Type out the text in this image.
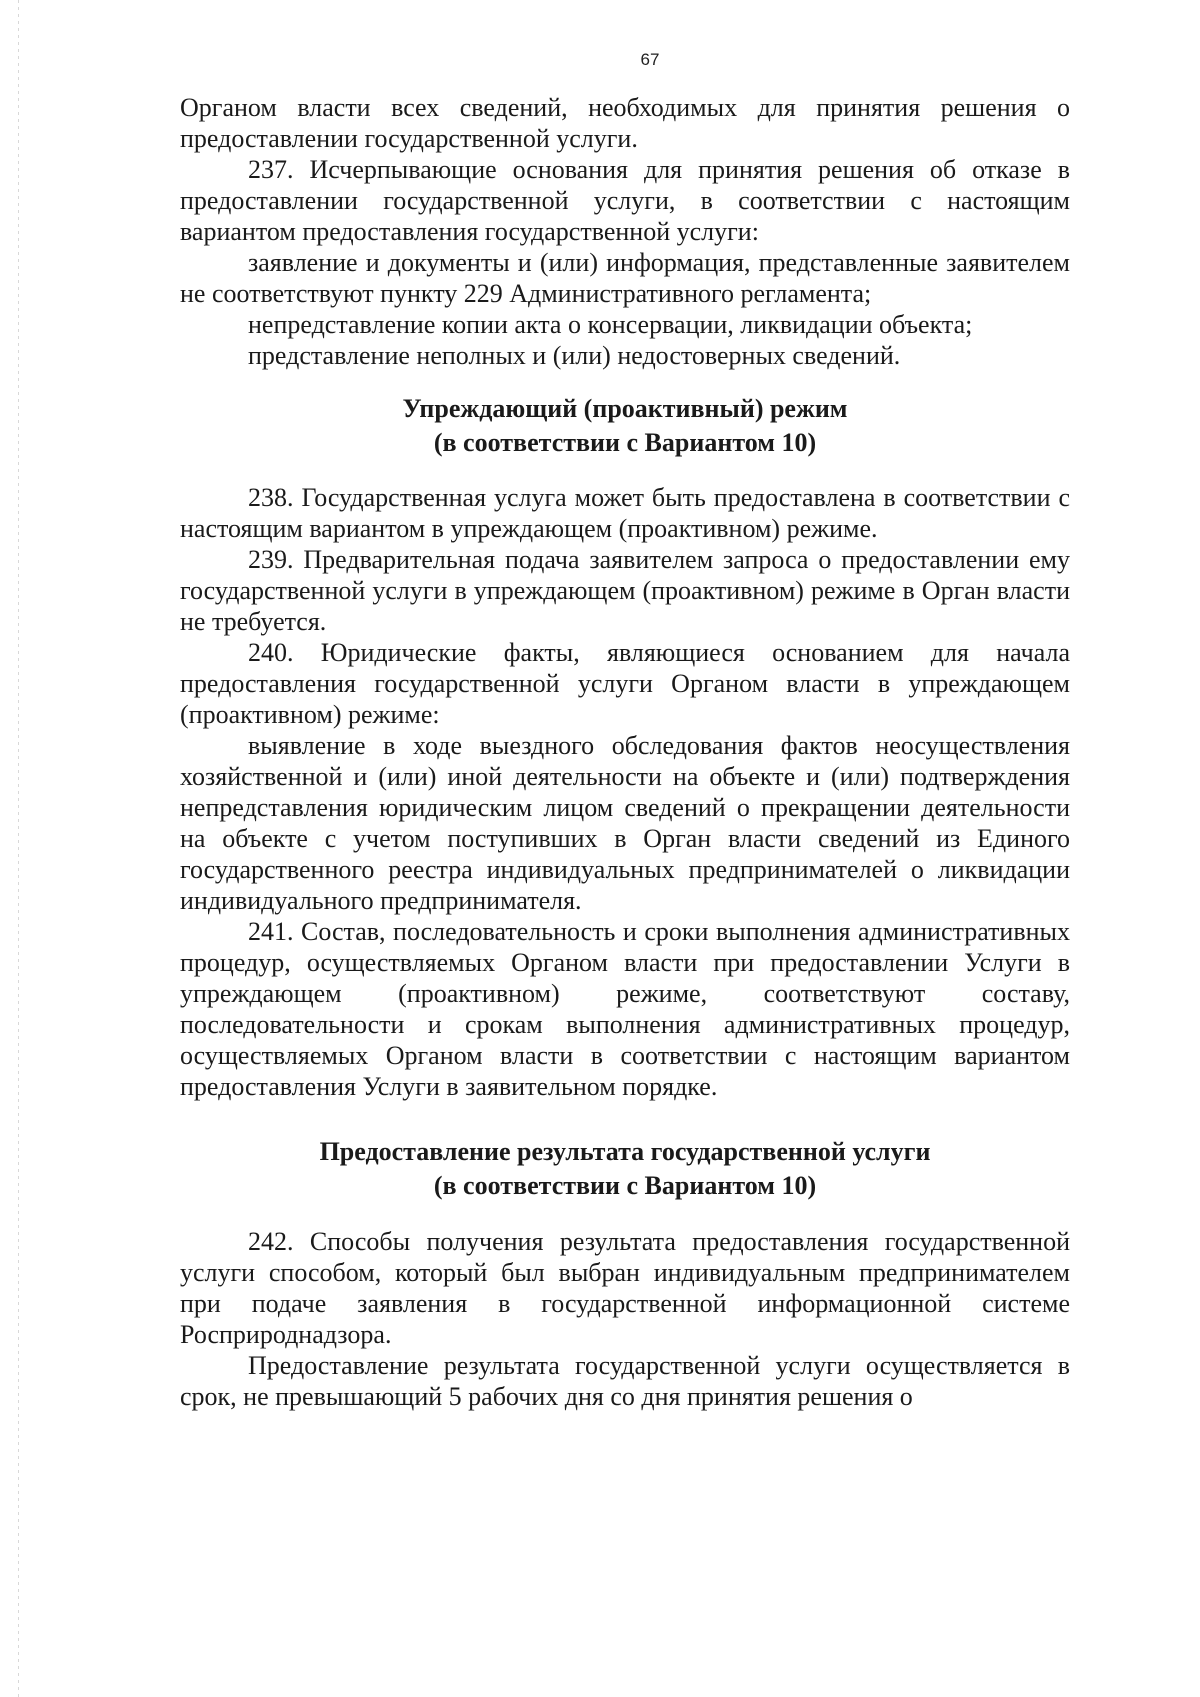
67

Органом власти всех сведений, необходимых для принятия решения о предоставлении государственной услуги.

237. Исчерпывающие основания для принятия решения об отказе в предоставлении государственной услуги, в соответствии с настоящим вариантом предоставления государственной услуги:

заявление и документы и (или) информация, представленные заявителем не соответствуют пункту 229 Административного регламента;

непредставление копии акта о консервации, ликвидации объекта;

представление неполных и (или) недостоверных сведений.

Упреждающий (проактивный) режим
(в соответствии с Вариантом 10)

238. Государственная услуга может быть предоставлена в соответствии с настоящим вариантом в упреждающем (проактивном) режиме.

239. Предварительная подача заявителем запроса о предоставлении ему государственной услуги в упреждающем (проактивном) режиме в Орган власти не требуется.

240. Юридические факты, являющиеся основанием для начала предоставления государственной услуги Органом власти в упреждающем (проактивном) режиме:

выявление в ходе выездного обследования фактов неосуществления хозяйственной и (или) иной деятельности на объекте и (или) подтверждения непредставления юридическим лицом сведений о прекращении деятельности на объекте с учетом поступивших в Орган власти сведений из Единого государственного реестра индивидуальных предпринимателей о ликвидации индивидуального предпринимателя.

241. Состав, последовательность и сроки выполнения административных процедур, осуществляемых Органом власти при предоставлении Услуги в упреждающем (проактивном) режиме, соответствуют составу, последовательности и срокам выполнения административных процедур, осуществляемых Органом власти в соответствии с настоящим вариантом предоставления Услуги в заявительном порядке.

Предоставление результата государственной услуги
(в соответствии с Вариантом 10)

242. Способы получения результата предоставления государственной услуги способом, который был выбран индивидуальным предпринимателем при подаче заявления в государственной информационной системе Росприроднадзора.

Предоставление результата государственной услуги осуществляется в срок, не превышающий 5 рабочих дня со дня принятия решения о
